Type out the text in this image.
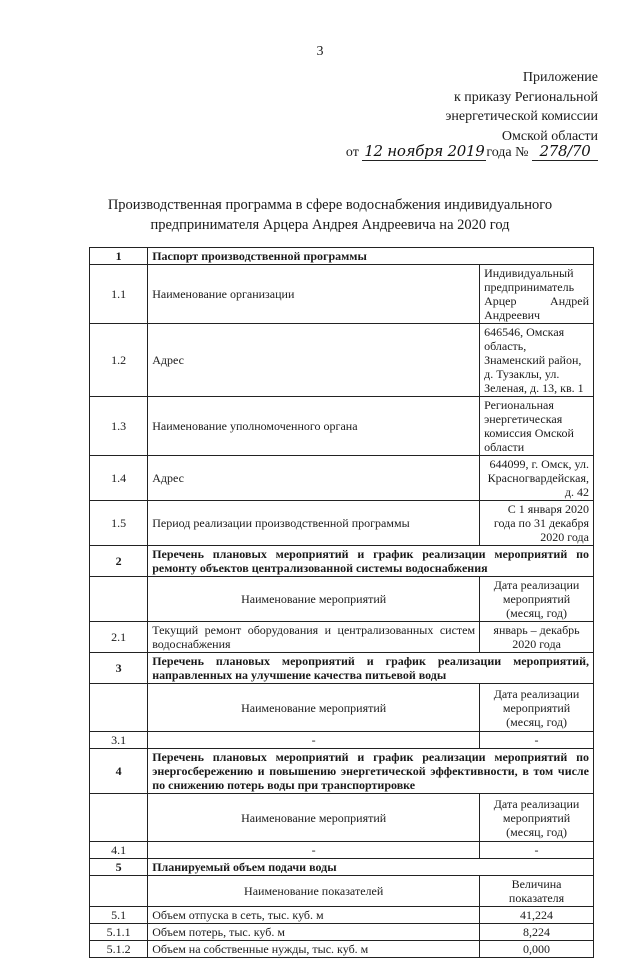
3
Приложение
к приказу Региональной
энергетической комиссии
Омской области
от 12 ноября 2019 года № 278/70
Производственная программа в сфере водоснабжения индивидуального
предпринимателя Арцера Андрея Андреевича на 2020 год
1	Паспорт производственной программы	
1.1	Наименование организации	Индивидуальный предприниматель Арцер Андрей Андреевич
1.2	Адрес	646546, Омская область, Знаменский район, д. Тузаклы, ул. Зеленая, д. 13, кв. 1
1.3	Наименование уполномоченного органа	Региональная энергетическая комиссия Омской области
1.4	Адрес	644099, г. Омск, ул. Красногвардейская, д. 42
1.5	Период реализации производственной программы	С 1 января 2020 года по 31 декабря 2020 года
2	Перечень плановых мероприятий и график реализации мероприятий по ремонту объектов централизованной системы водоснабжения	
	Наименование мероприятий	Дата реализации мероприятий (месяц, год)
2.1	Текущий ремонт оборудования и централизованных систем водоснабжения	январь – декабрь 2020 года
3	Перечень плановых мероприятий и график реализации мероприятий, направленных на улучшение качества питьевой воды	
	Наименование мероприятий	Дата реализации мероприятий (месяц, год)
3.1	-	-
4	Перечень плановых мероприятий и график реализации мероприятий по энергосбережению и повышению энергетической эффективности, в том числе по снижению потерь воды при транспортировке	
	Наименование мероприятий	Дата реализации мероприятий (месяц, год)
4.1	-	-
5	Планируемый объем подачи воды	
	Наименование показателей	Величина показателя
5.1	Объем отпуска в сеть, тыс. куб. м	41,224
5.1.1	Объем потерь, тыс. куб. м	8,224
5.1.2	Объем на собственные нужды, тыс. куб. м	0,000
